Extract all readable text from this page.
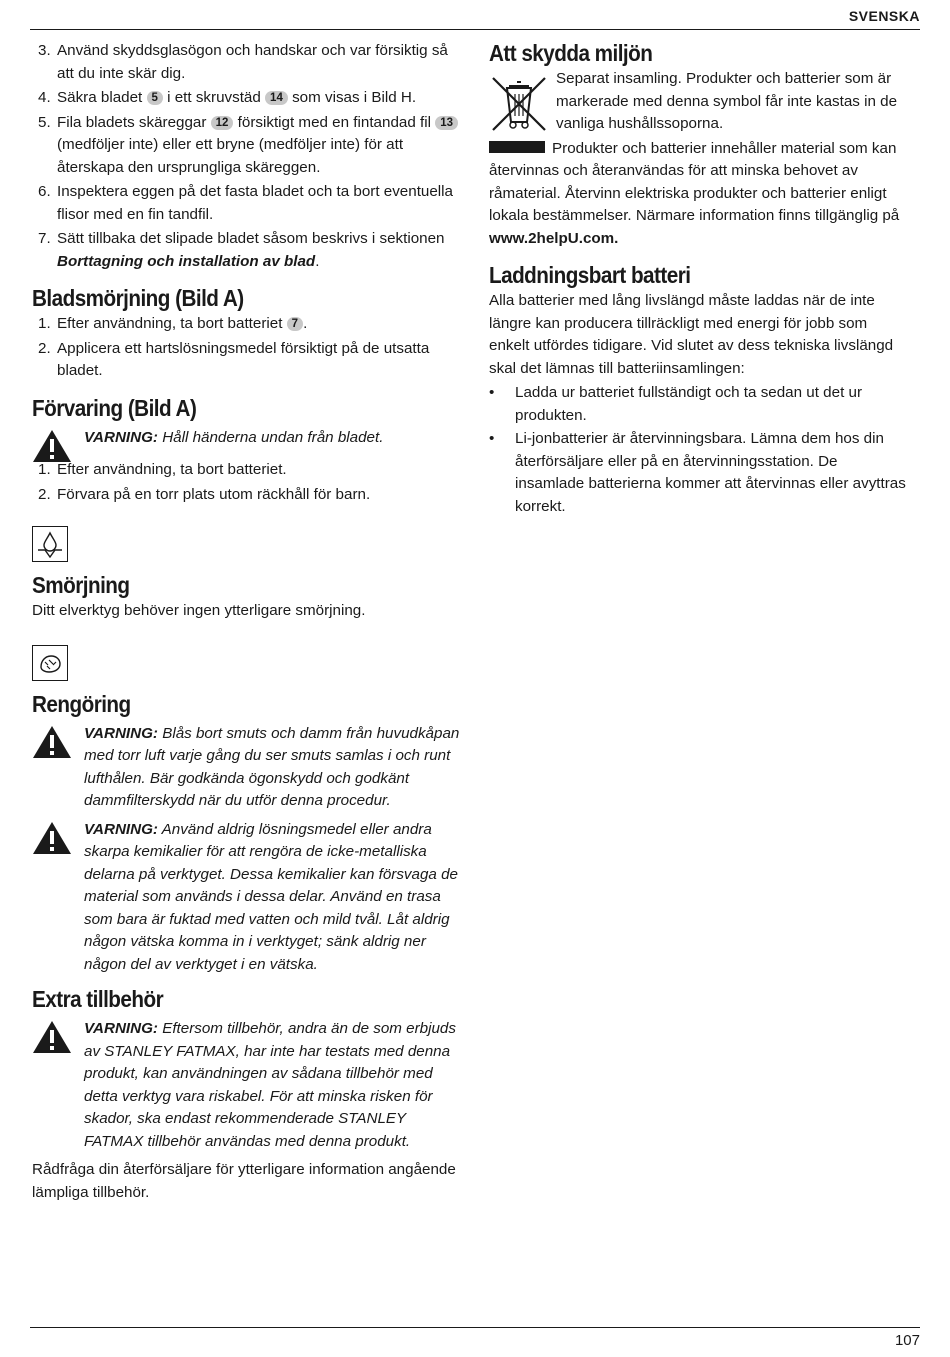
SVENSKA
3. Använd skyddsglasögon och handskar och var försiktig så att du inte skär dig.
4. Säkra bladet 5 i ett skruvstäd 14 som visas i Bild H.
5. Fila bladets skäreggar 12 försiktigt med en fintandad fil 13 (medföljer inte) eller ett bryne (medföljer inte) för att återskapa den ursprungliga skäreggen.
6. Inspektera eggen på det fasta bladet och ta bort eventuella flisor med en fin tandfil.
7. Sätt tillbaka det slipade bladet såsom beskrivs i sektionen Borttagning och installation av blad.
Bladsmörjning (Bild A)
1. Efter användning, ta bort batteriet 7 .
2. Applicera ett hartslösningsmedel försiktigt på de utsatta bladet.
Förvaring (Bild A)
VARNING: Håll händerna undan från bladet.
1. Efter användning, ta bort batteriet.
2. Förvara på en torr plats utom räckhåll för barn.
Smörjning

Ditt elverktyg behöver ingen ytterligare smörjning.

Rengöring
VARNING: Blås bort smuts och damm från huvudkåpan med torr luft varje gång du ser smuts samlas i och runt lufthålen. Bär godkända ögonskydd och godkänt dammfilterskydd när du utför denna procedur.
VARNING: Använd aldrig lösningsmedel eller andra skarpa kemikalier för att rengöra de icke-metalliska delarna på verktyget. Dessa kemikalier kan försvaga de material som används i dessa delar. Använd en trasa som bara är fuktad med vatten och mild tvål. Låt aldrig någon vätska komma in i verktyget; sänk aldrig ner någon del av verktyget i en vätska.
Extra tillbehör
VARNING: Eftersom tillbehör, andra än de som erbjuds av STANLEY FATMAX, har inte har testats med denna produkt, kan användningen av sådana tillbehör med detta verktyg vara riskabel. För att minska risken för skador, ska endast rekommenderade STANLEY FATMAX tillbehör användas med denna produkt.

Rådfråga din återförsäljare för ytterligare information angående lämpliga tillbehör.

Att skydda miljön

Separat insamling. Produkter och batterier som är markerade med denna symbol får inte kastas in de vanliga hushållssoporna.

Produkter och batterier innehåller material som kan återvinnas och återanvändas för att minska behovet av råmaterial. Återvinn elektriska produkter och batterier enligt lokala bestämmelser. Närmare information finns tillgänglig på www.2helpU.com.
Laddningsbart batteri

Alla batterier med lång livslängd måste laddas när de inte längre kan producera tillräckligt med energi för jobb som enkelt utfördes tidigare. Vid slutet av dess tekniska livslängd skal det lämnas till batteriinsamlingen:

• Ladda ur batteriet fullständigt och ta sedan ut det ur produkten.
• Li-jonbatterier är återvinningsbara. Lämna dem hos din återförsäljare eller på en återvinningsstation. De insamlade batterierna kommer att återvinnas eller avyttras korrekt.
107
